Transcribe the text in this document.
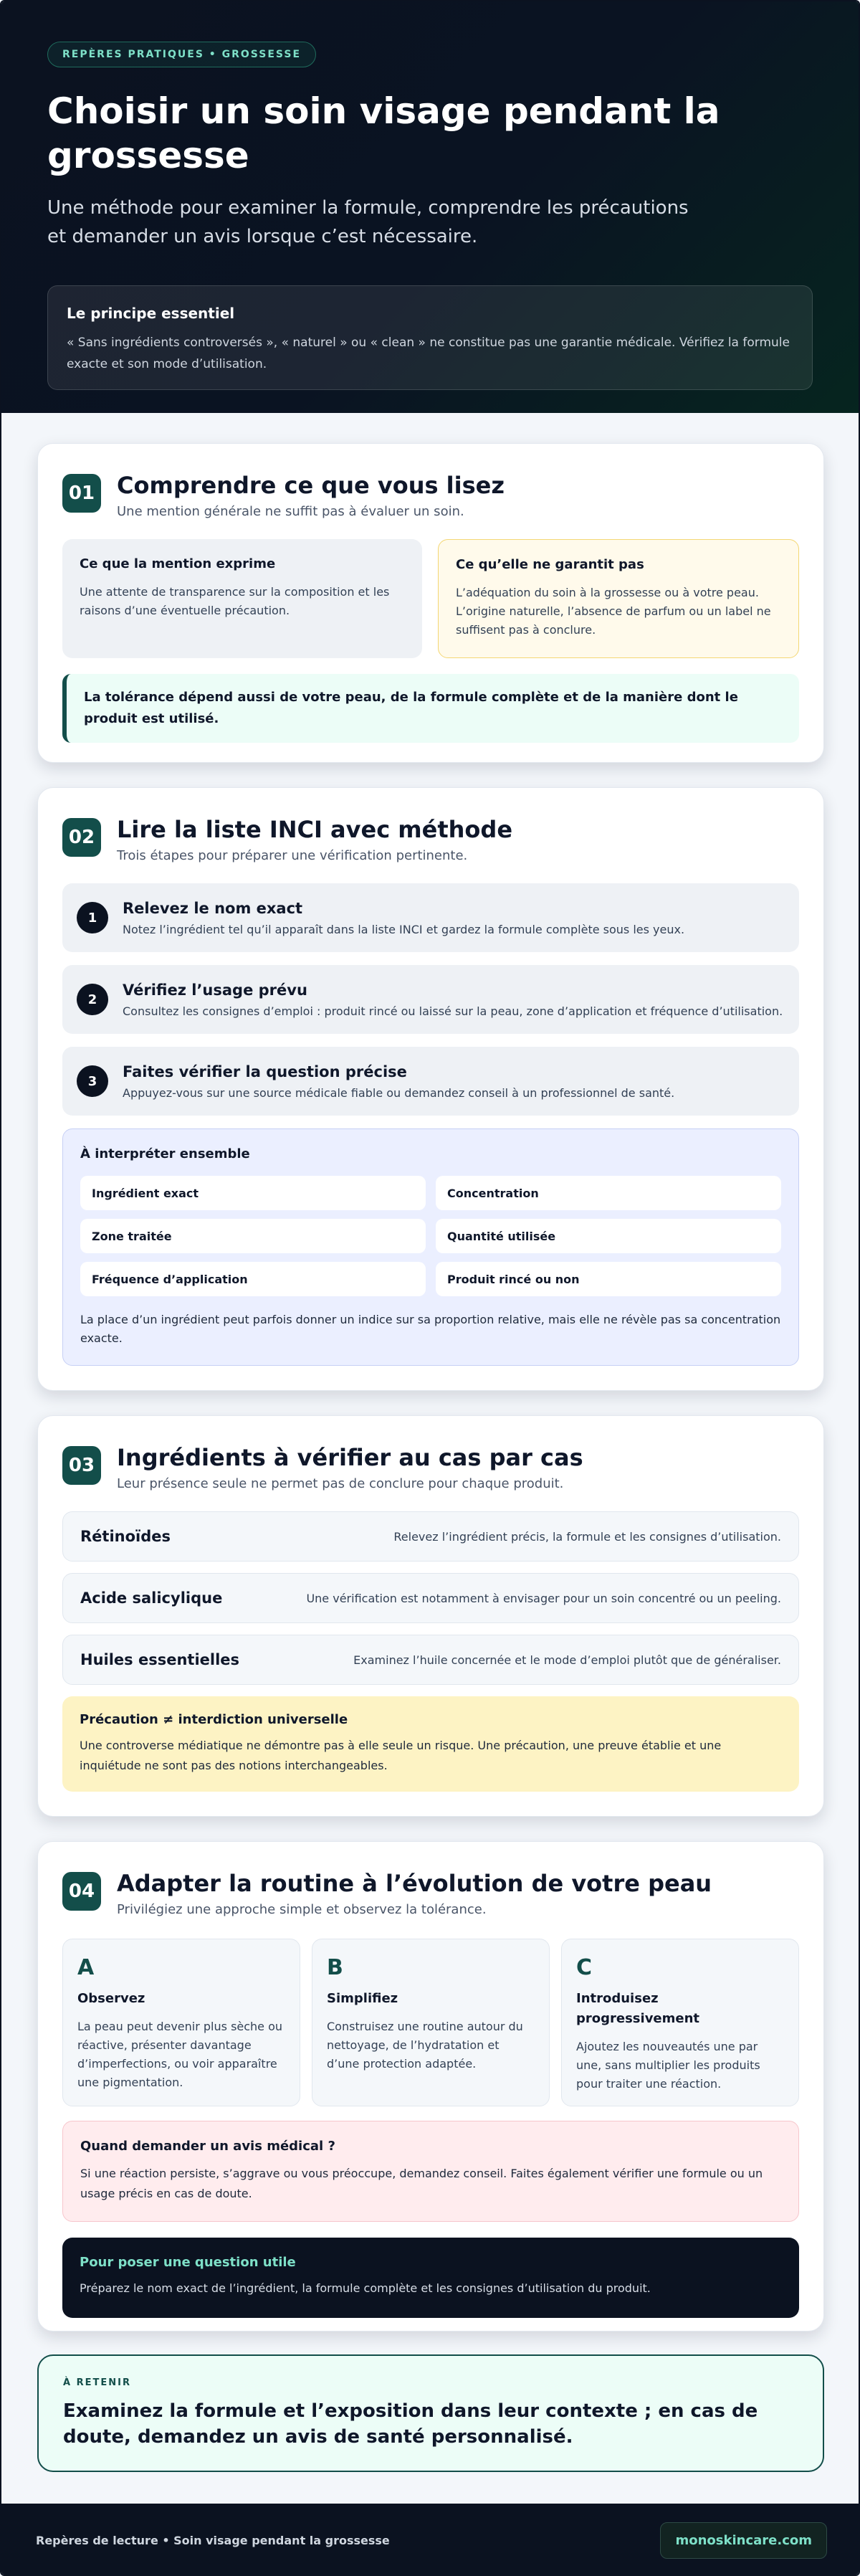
REPÈRES PRATIQUES • GROSSESSE
Choisir un soin visage pendant la grossesse

Une méthode pour examiner la formule, comprendre les précautions et demander un avis lorsque c’est nécessaire.

Le principe essentiel
« Sans ingrédients controversés », « naturel » ou « clean » ne constitue pas une garantie médicale. Vérifiez la formule exacte et son mode d’utilisation.
01 Comprendre ce que vous lisez
Une mention générale ne suffit pas à évaluer un soin.
Ce que la mention exprime
Une attente de transparence sur la composition et les raisons d’une éventuelle précaution.
Ce qu’elle ne garantit pas
L’adéquation du soin à la grossesse ou à votre peau. L’origine naturelle, l’absence de parfum ou un label ne suffisent pas à conclure.
La tolérance dépend aussi de votre peau, de la formule complète et de la manière dont le produit est utilisé.
02 Lire la liste INCI avec méthode
Trois étapes pour préparer une vérification pertinente.
1
Relevez le nom exact
Notez l’ingrédient tel qu’il apparaît dans la liste INCI et gardez la formule complète sous les yeux.
2
Vérifiez l’usage prévu
Consultez les consignes d’emploi : produit rincé ou laissé sur la peau, zone d’application et fréquence d’utilisation.
3
Faites vérifier la question précise
Appuyez-vous sur une source médicale fiable ou demandez conseil à un professionnel de santé.
À interpréter ensemble
Ingrédient exact	Concentration
Zone traitée	Quantité utilisée
Fréquence d’application	Produit rincé ou non
La place d’un ingrédient peut parfois donner un indice sur sa proportion relative, mais elle ne révèle pas sa concentration exacte.
03 Ingrédients à vérifier au cas par cas
Leur présence seule ne permet pas de conclure pour chaque produit.
Rétinoïdes	Relevez l’ingrédient précis, la formule et les consignes d’utilisation.
Acide salicylique	Une vérification est notamment à envisager pour un soin concentré ou un peeling.
Huiles essentielles	Examinez l’huile concernée et le mode d’emploi plutôt que de généraliser.
Précaution ≠ interdiction universelle
Une controverse médiatique ne démontre pas à elle seule un risque. Une précaution, une preuve établie et une inquiétude ne sont pas des notions interchangeables.
04 Adapter la routine à l’évolution de votre peau
Privilégiez une approche simple et observez la tolérance.
A
Observez
La peau peut devenir plus sèche ou réactive, présenter davantage d’imperfections, ou voir apparaître une pigmentation.
B
Simplifiez
Construisez une routine autour du nettoyage, de l’hydratation et d’une protection adaptée.
C
Introduisez progressivement
Ajoutez les nouveautés une par une, sans multiplier les produits pour traiter une réaction.
Quand demander un avis médical ?
Si une réaction persiste, s’aggrave ou vous préoccupe, demandez conseil. Faites également vérifier une formule ou un usage précis en cas de doute.
Pour poser une question utile
Préparez le nom exact de l’ingrédient, la formule complète et les consignes d’utilisation du produit.
À RETENIR
Examinez la formule et l’exposition dans leur contexte ; en cas de doute, demandez un avis de santé personnalisé.
Repères de lecture • Soin visage pendant la grossesse	monoskincare.com
